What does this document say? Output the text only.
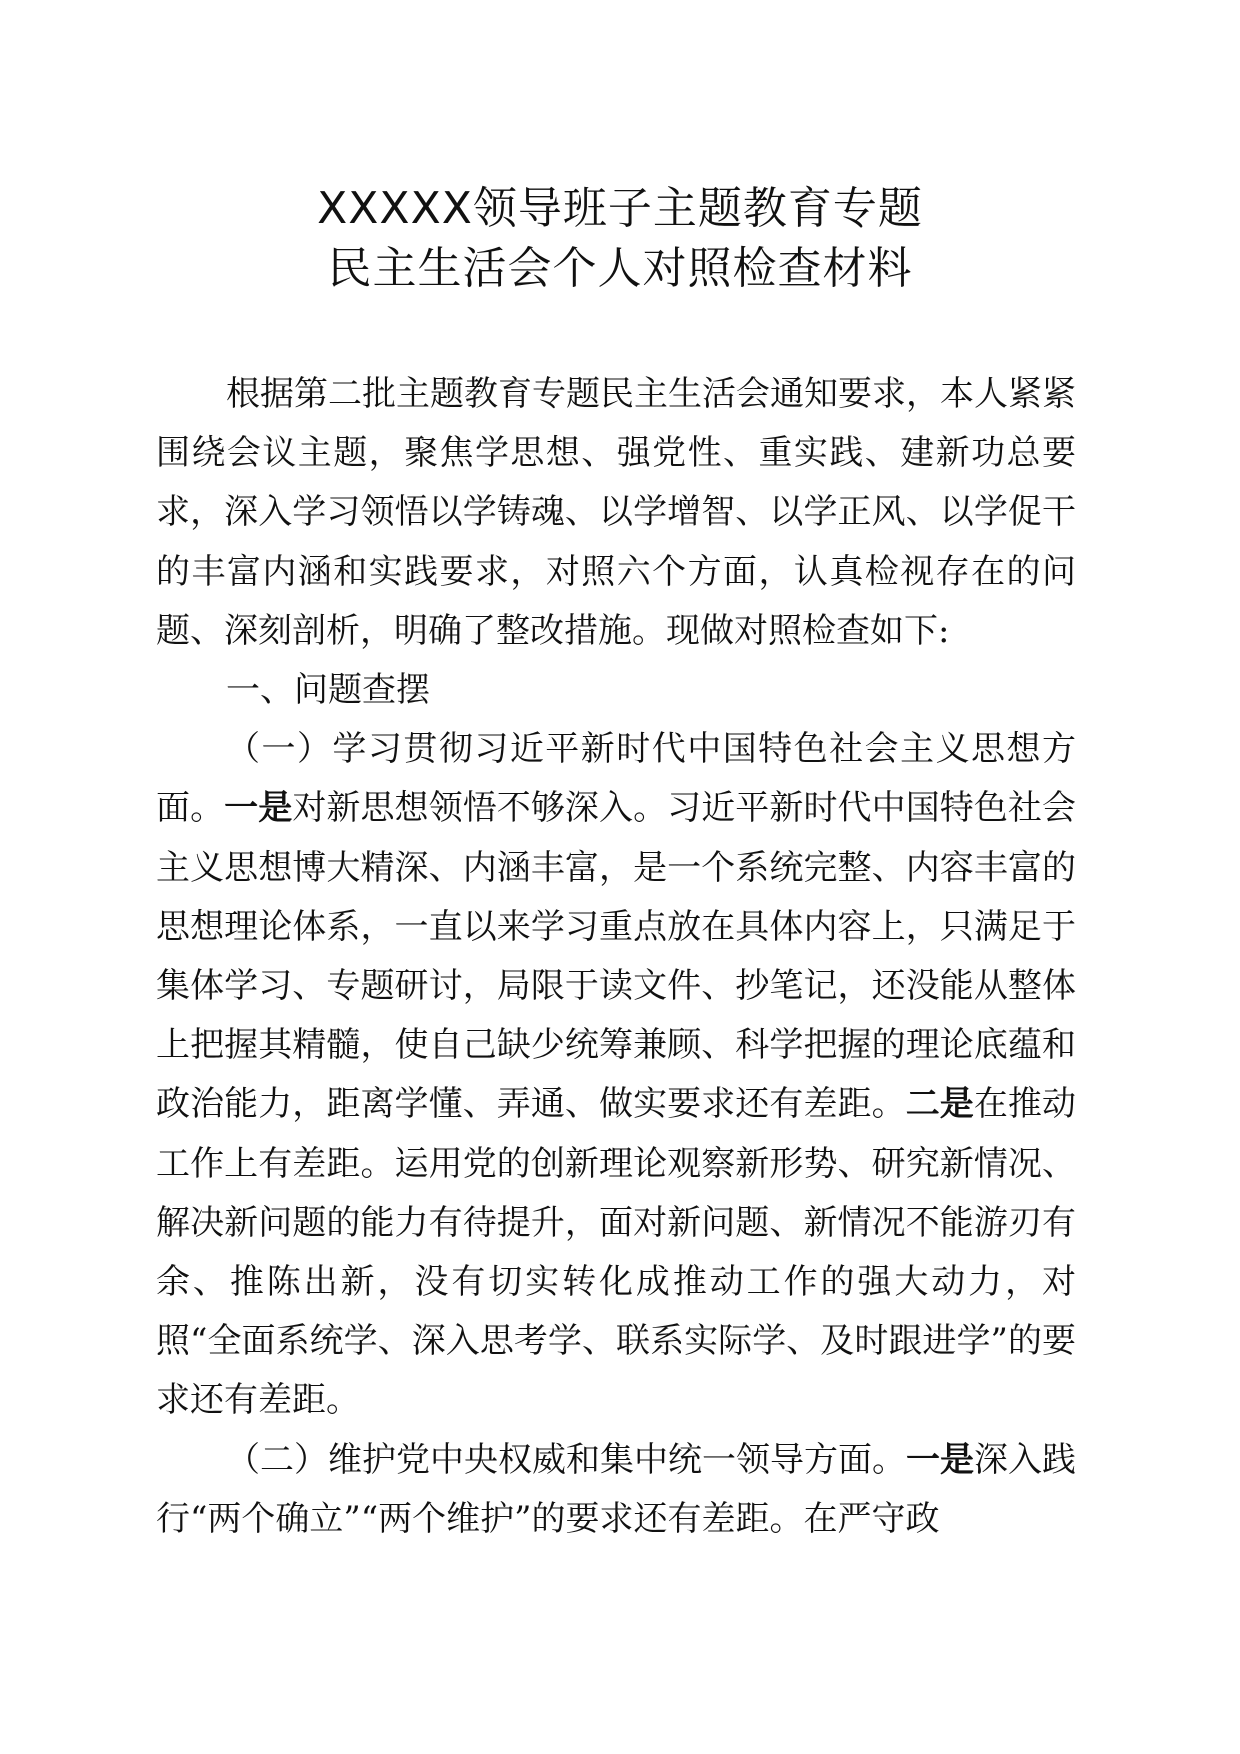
XXXXX领导班子主题教育专题
民主生活会个人对照检查材料

根据第二批主题教育专题民主生活会通知要求，本人紧紧围绕会议主题，聚焦学思想、强党性、重实践、建新功总要求，深入学习领悟以学铸魂、以学增智、以学正风、以学促干的丰富内涵和实践要求，对照六个方面，认真检视存在的问题、深刻剖析，明确了整改措施。现做对照检查如下:

一、问题查摆

（一）学习贯彻习近平新时代中国特色社会主义思想方面。一是对新思想领悟不够深入。习近平新时代中国特色社会主义思想博大精深、内涵丰富，是一个系统完整、内容丰富的思想理论体系，一直以来学习重点放在具体内容上，只满足于集体学习、专题研讨，局限于读文件、抄笔记，还没能从整体上把握其精髓，使自己缺少统筹兼顾、科学把握的理论底蕴和政治能力，距离学懂、弄通、做实要求还有差距。二是在推动工作上有差距。运用党的创新理论观察新形势、研究新情况、解决新问题的能力有待提升，面对新问题、新情况不能游刃有余、推陈出新，没有切实转化成推动工作的强大动力，对照“全面系统学、深入思考学、联系实际学、及时跟进学”的要求还有差距。

（二）维护党中央权威和集中统一领导方面。一是深入践行“两个确立”“两个维护”的要求还有差距。在严守政
